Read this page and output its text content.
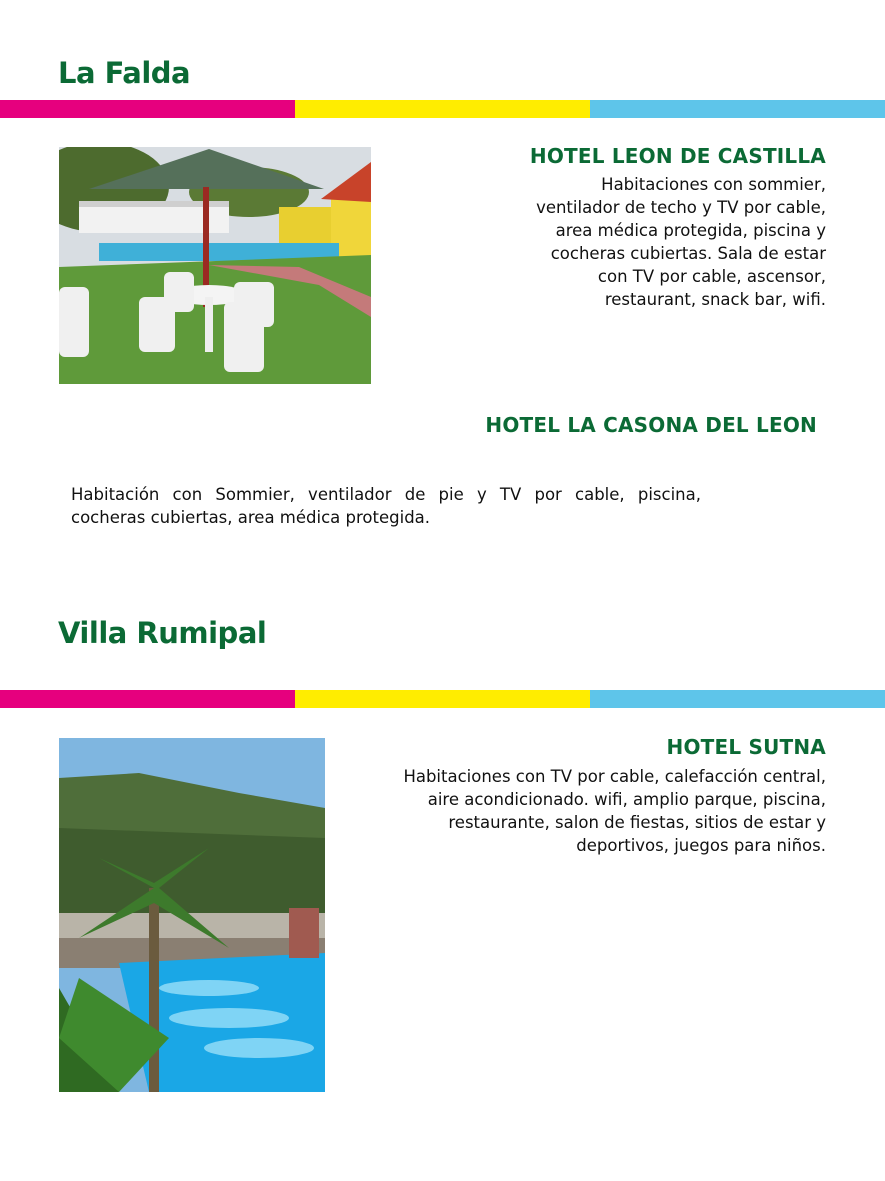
La Falda
HOTEL LEON DE CASTILLA

Habitaciones con sommier, ventilador de techo y TV por cable, area médica protegida, piscina y cocheras cubiertas. Sala de estar con TV por cable, ascensor, restaurant, snack bar, wifi.

HOTEL LA CASONA DEL LEON

Habitación con Sommier, ventilador de pie y TV por cable, piscina, cocheras cubiertas, area médica protegida.

Villa Rumipal
HOTEL SUTNA

Habitaciones con TV por cable, calefacción central, aire acondicionado. wifi, amplio parque, piscina, restaurante, salon de fiestas, sitios de estar y deportivos, juegos para niños.
